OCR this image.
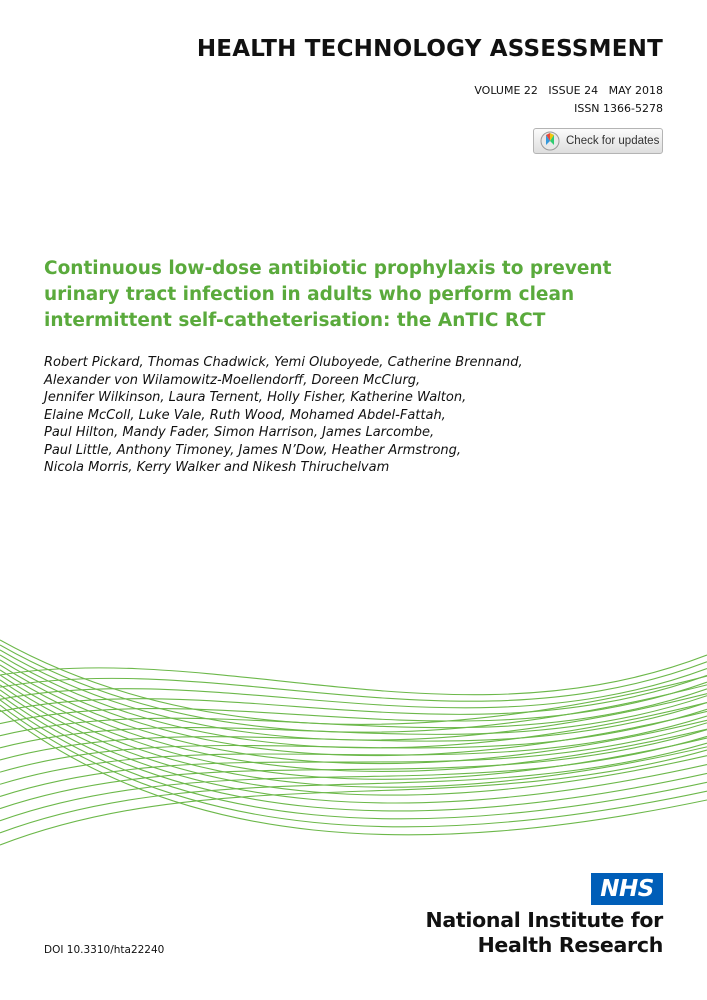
HEALTH TECHNOLOGY ASSESSMENT
VOLUME 22 ISSUE 24 MAY 2018
ISSN 1366-5278
Check for updates
Continuous low-dose antibiotic prophylaxis to prevent
urinary tract infection in adults who perform clean
intermittent self-catheterisation: the AnTIC RCT

Robert Pickard, Thomas Chadwick, Yemi Oluboyede, Catherine Brennand,
Alexander von Wilamowitz-Moellendorff, Doreen McClurg,
Jennifer Wilkinson, Laura Ternent, Holly Fisher, Katherine Walton,
Elaine McColl, Luke Vale, Ruth Wood, Mohamed Abdel-Fattah,
Paul Hilton, Mandy Fader, Simon Harrison, James Larcombe,
Paul Little, Anthony Timoney, James N’Dow, Heather Armstrong,
Nicola Morris, Kerry Walker and Nikesh Thiruchelvam

NHS
National Institute for
Health Research
DOI 10.3310/hta22240
